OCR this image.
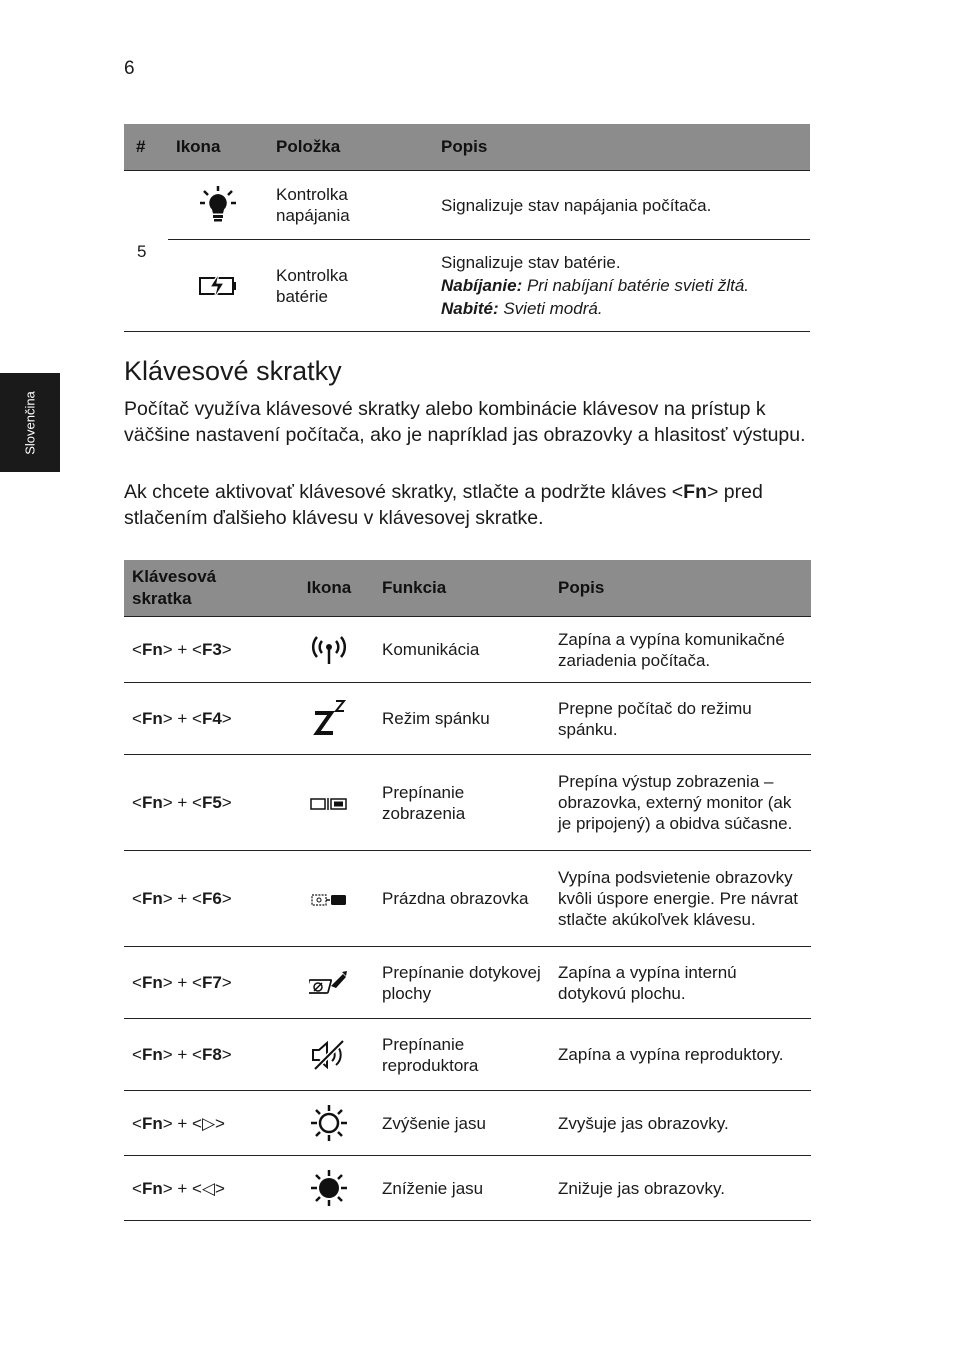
6
Slovenčina
#	Ikona	Položka	Popis
5		Kontrolka
napájania	Signalizuje stav napájania počítača.
	Kontrolka
batérie	Signalizuje stav batérie.
Nabíjanie: Pri nabíjaní batérie svieti žltá.
Nabité: Svieti modrá.
Klávesové skratky

Počítač využíva klávesové skratky alebo kombinácie klávesov na prístup k väčšine nastavení počítača, ako je napríklad jas obrazovky a hlasitosť výstupu.

Ak chcete aktivovať klávesové skratky, stlačte a podržte kláves <Fn> pred stlačením ďalšieho klávesu v klávesovej skratke.

Klávesová
skratka	Ikona	Funkcia	Popis
<Fn> + <F3>		Komunikácia	Zapína a vypína komunikačné zariadenia počítača.
<Fn> + <F4>		Režim spánku	Prepne počítač do režimu spánku.
<Fn> + <F5>		Prepínanie zobrazenia	Prepína výstup zobrazenia – obrazovka, externý monitor (ak je pripojený) a obidva súčasne.
<Fn> + <F6>		Prázdna obrazovka	Vypína podsvietenie obrazovky kvôli úspore energie. Pre návrat stlačte akúkoľvek klávesu.
<Fn> + <F7>		Prepínanie dotykovej plochy	Zapína a vypína internú dotykovú plochu.
<Fn> + <F8>		Prepínanie reproduktora	Zapína a vypína reproduktory.
<Fn> + <▷>		Zvýšenie jasu	Zvyšuje jas obrazovky.
<Fn> + <◁>		Zníženie jasu	Znižuje jas obrazovky.
